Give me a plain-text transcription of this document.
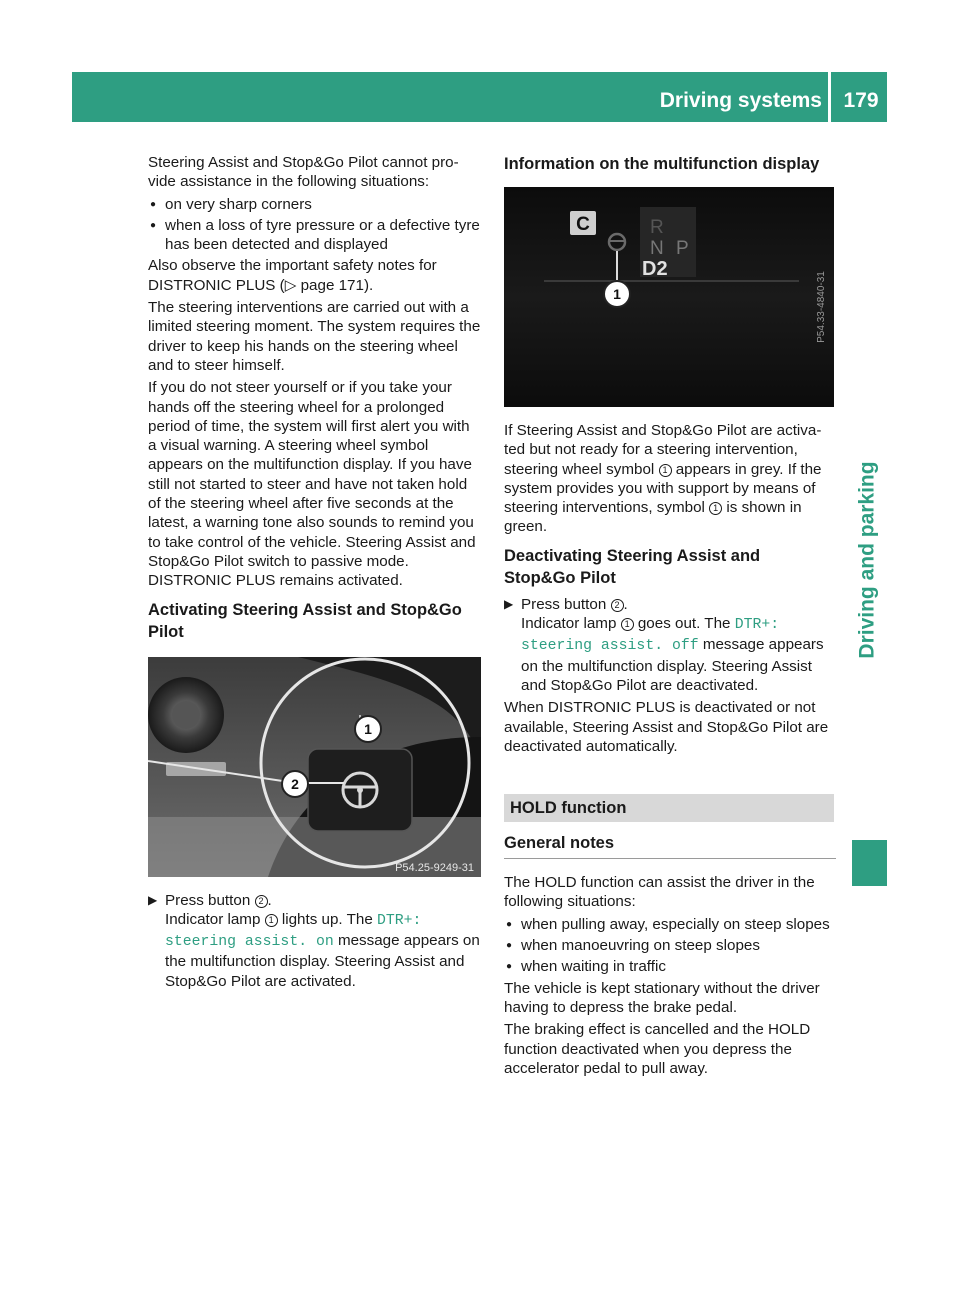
Driving systems	179
Driving and parking

Steering Assist and Stop&Go Pilot cannot pro-vide assistance in the following situations:

● on very sharp corners
● when a loss of tyre pressure or a defective tyre has been detected and displayed

Also observe the important safety notes for DISTRONIC PLUS (▷ page 171).

The steering interventions are carried out with a limited steering moment. The system requires the driver to keep his hands on the steering wheel and to steer himself.

If you do not steer yourself or if you take your hands off the steering wheel for a prolonged period of time, the system will first alert you with a visual warning. A steering wheel symbol appears on the multifunction display. If you have still not started to steer and have not taken hold of the steering wheel after five seconds at the latest, a warning tone also sounds to remind you to take control of the vehicle. Steering Assist and Stop&Go Pilot switch to passive mode. DISTRONIC PLUS remains activated.

Activating Steering Assist and Stop&Go Pilot
1
2
P54.25-9249-31
▶ Press button 2 .
Indicator lamp 1 lights up. The DTR+: steering assist. on message appears on the multifunction display. Steering Assist and Stop&Go Pilot are activated.
Information on the multifunction display
C	R
N P
D2
1	P54.33-4840-31

If Steering Assist and Stop&Go Pilot are activa-ted but not ready for a steering intervention, steering wheel symbol 1 appears in grey. If the system provides you with support by means of steering interventions, symbol 1 is shown in green.

Deactivating Steering Assist and Stop&Go Pilot
▶ Press button 2 .
Indicator lamp 1 goes out. The DTR+: steering assist. off message appears on the multifunction display. Steering Assist and Stop&Go Pilot are deactivated.

When DISTRONIC PLUS is deactivated or not available, Steering Assist and Stop&Go Pilot are deactivated automatically.

HOLD function
General notes

The HOLD function can assist the driver in the following situations:

● when pulling away, especially on steep slopes
● when manoeuvring on steep slopes
● when waiting in traffic

The vehicle is kept stationary without the driver having to depress the brake pedal.

The braking effect is cancelled and the HOLD function deactivated when you depress the accelerator pedal to pull away.
